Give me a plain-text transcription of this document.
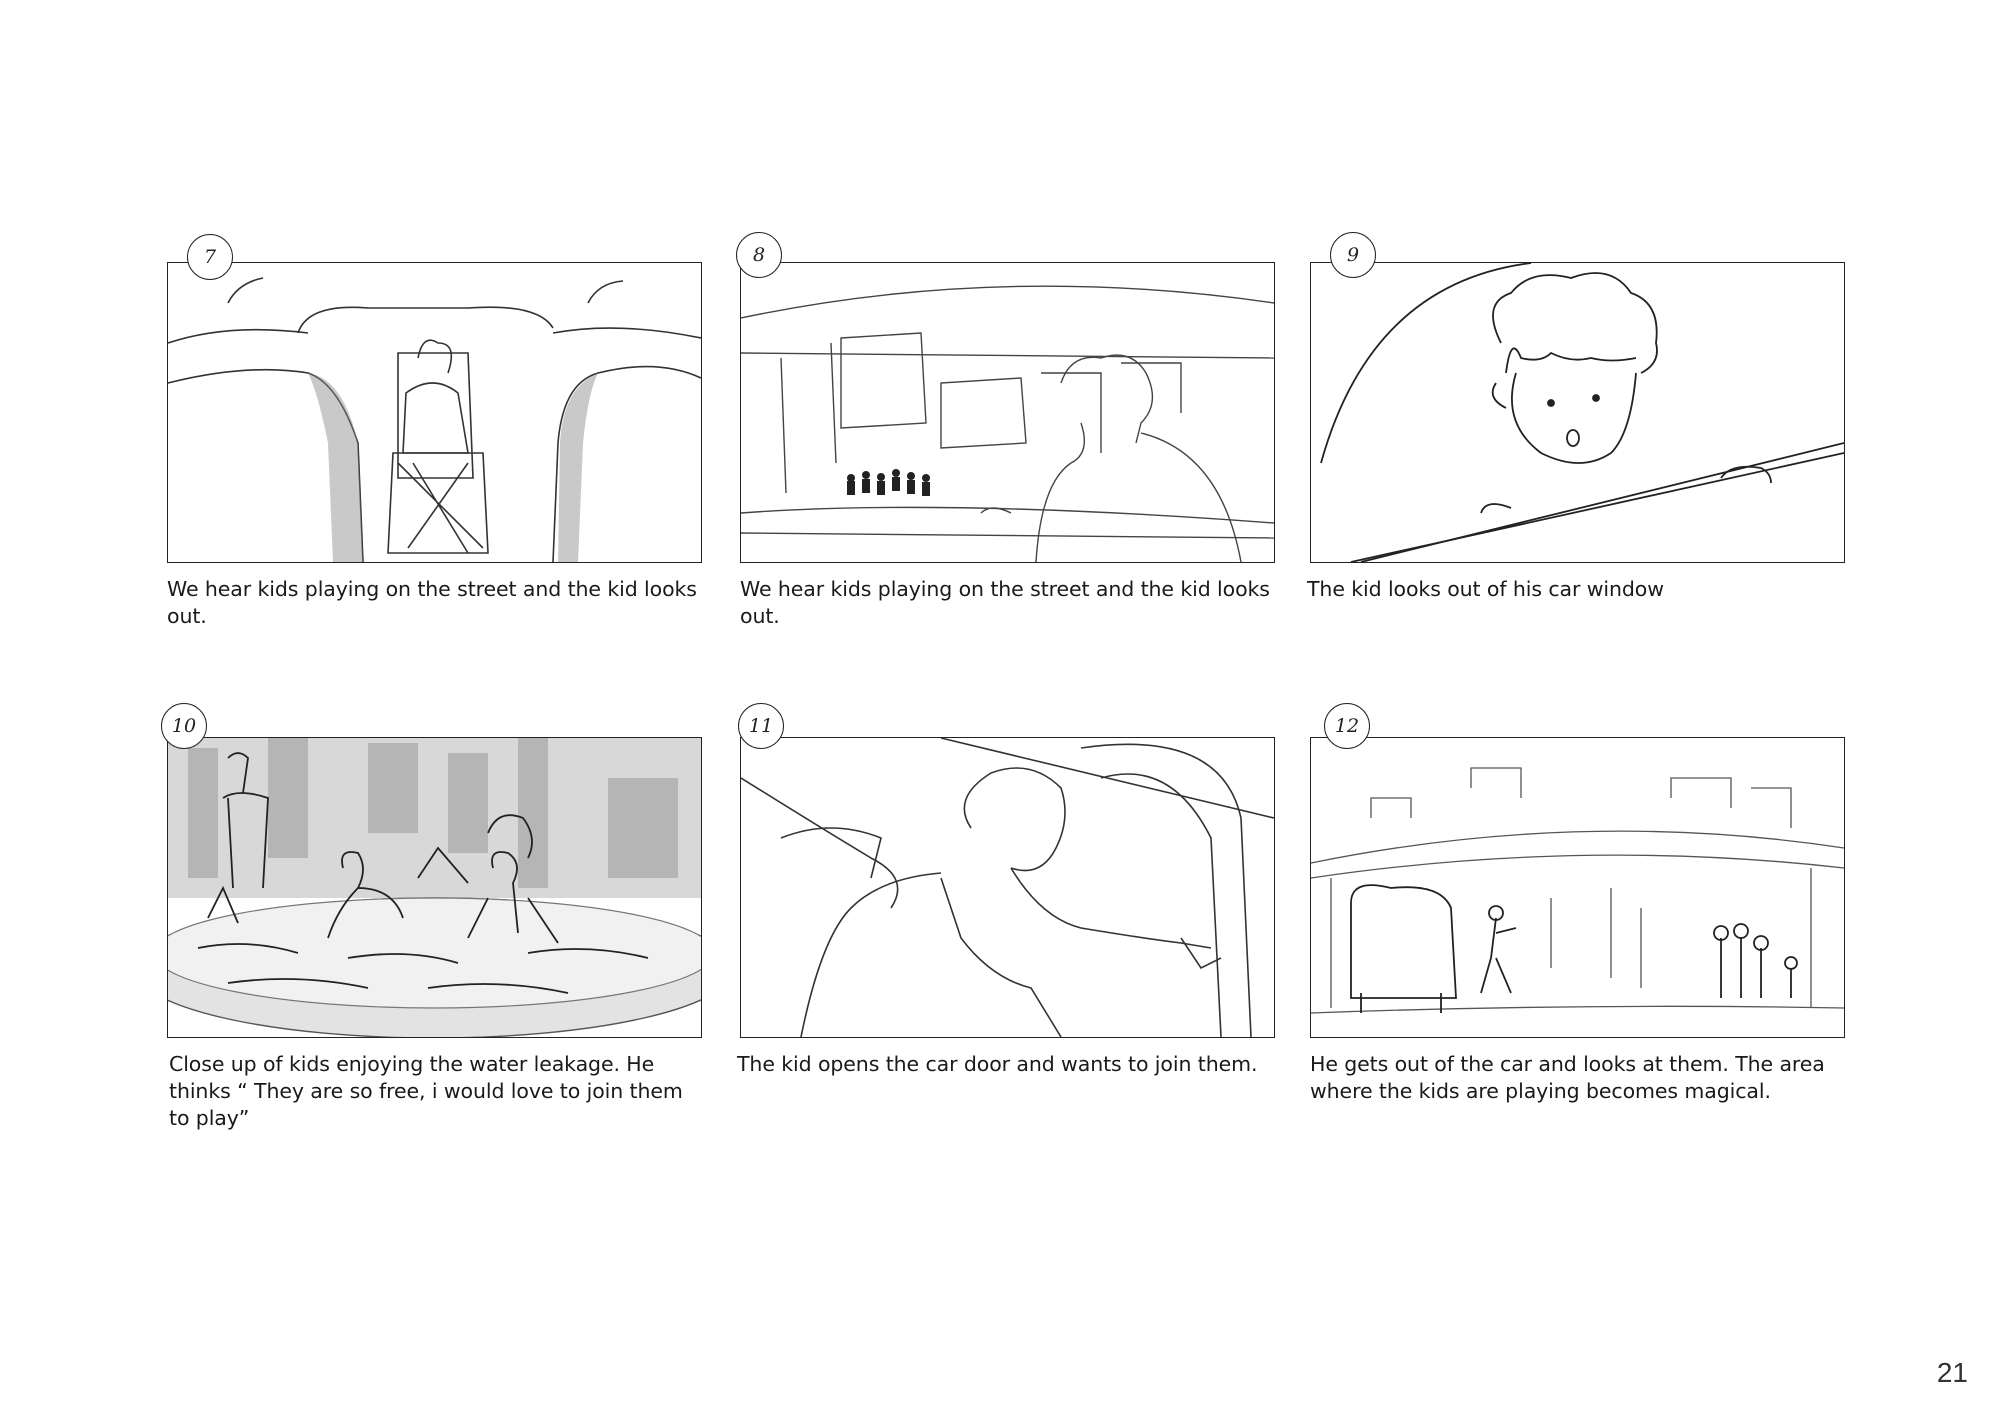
7
We hear kids playing on the street and the kid looks out.
8
We hear kids playing on the street and the kid looks out.
9
The kid looks out of his car window
10
Close up of kids enjoying the water leakage. He thinks “ They are so free, i would love to join them to play”
11
The kid opens the car door and wants to join them.
12
He gets out of the car and looks at them. The area where the kids are playing becomes magical.
21
